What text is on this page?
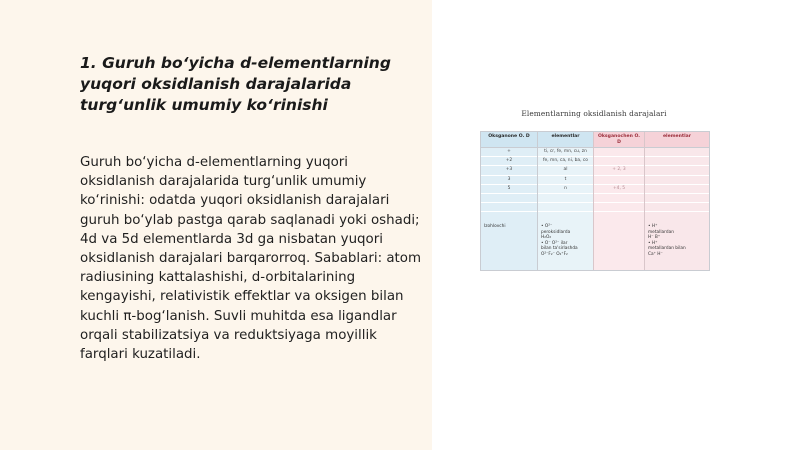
1. Guruh bo‘yicha d-elementlarning yuqori oksidlanish darajalarida turg‘unlik umumiy ko‘rinishi

Guruh bo‘yicha d-elementlarning yuqori oksidlanish darajalarida turg‘unlik umumiy ko‘rinishi: odatda yuqori oksidlanish darajalari guruh bo‘ylab pastga qarab saqlanadi yoki oshadi; 4d va 5d elementlarda 3d ga nisbatan yuqori oksidlanish darajalari barqarorroq. Sabablari: atom radiusining kattalashishi, d-orbitalarining kengayishi, relativistik effektlar va oksigen bilan kuchli π-bog‘lanish. Suvli muhitda esa ligandlar orqali stabilizatsiya va reduktsiyaga moyillik farqlari kuzatiladi.

Elementlarning oksidlanish darajalari
Oksganone O. D
+
+2
+3
3
5
Izohlovchi
elementlar
ti, cr, fe, mn, cu, zn
fe, mn, ca, ni, ba, co
al
t
n
• O²⁻
peroksidlarda
H₂O₂
• O⁻ O²⁻ ilar
bilan ta'sirlashda
O²⁻F₂⁻ O₂⁺F₂
Oksganochen O. D
+ 2, 3
+4, 5
elementlar
• H⁺
metallardan
H⁻ B⁺
• H⁺
metallardan bilan
Ca⁺ H⁻
